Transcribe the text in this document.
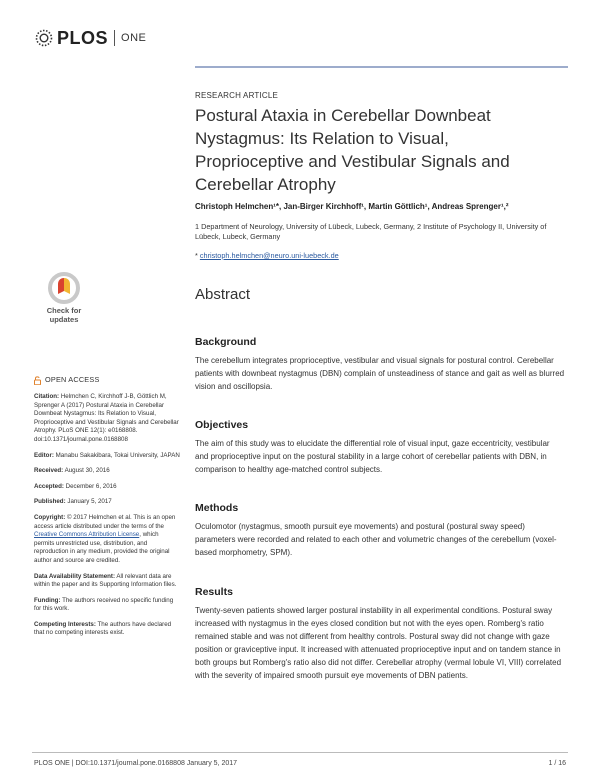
PLOS ONE
RESEARCH ARTICLE
Postural Ataxia in Cerebellar Downbeat Nystagmus: Its Relation to Visual, Proprioceptive and Vestibular Signals and Cerebellar Atrophy
Christoph Helmchen¹*, Jan-Birger Kirchhoff¹, Martin Göttlich¹, Andreas Sprenger¹,²
1 Department of Neurology, University of Lübeck, Lubeck, Germany, 2 Institute of Psychology II, University of Lübeck, Lubeck, Germany
* christoph.helmchen@neuro.uni-luebeck.de
Abstract
Check for
updates
OPEN ACCESS
Citation: Helmchen C, Kirchhoff J-B, Göttlich M, Sprenger A (2017) Postural Ataxia in Cerebellar Downbeat Nystagmus: Its Relation to Visual, Proprioceptive and Vestibular Signals and Cerebellar Atrophy. PLoS ONE 12(1): e0168808. doi:10.1371/journal.pone.0168808
Editor: Manabu Sakakibara, Tokai University, JAPAN
Received: August 30, 2016
Accepted: December 6, 2016
Published: January 5, 2017
Copyright: © 2017 Helmchen et al. This is an open access article distributed under the terms of the Creative Commons Attribution License, which permits unrestricted use, distribution, and reproduction in any medium, provided the original author and source are credited.
Data Availability Statement: All relevant data are within the paper and its Supporting Information files.
Funding: The authors received no specific funding for this work.
Competing Interests: The authors have declared that no competing interests exist.
Background

The cerebellum integrates proprioceptive, vestibular and visual signals for postural control. Cerebellar patients with downbeat nystagmus (DBN) complain of unsteadiness of stance and gait as well as blurred vision and oscillopsia.

Objectives

The aim of this study was to elucidate the differential role of visual input, gaze eccentricity, vestibular and proprioceptive input on the postural stability in a large cohort of cerebellar patients with DBN, in comparison to healthy age-matched control subjects.

Methods

Oculomotor (nystagmus, smooth pursuit eye movements) and postural (postural sway speed) parameters were recorded and related to each other and volumetric changes of the cerebellum (voxel-based morphometry, SPM).

Results

Twenty-seven patients showed larger postural instability in all experimental conditions. Postural sway increased with nystagmus in the eyes closed condition but not with the eyes open. Romberg's ratio remained stable and was not different from healthy controls. Postural sway did not change with gaze position or graviceptive input. It increased with attenuated proprioceptive input and on tandem stance in both groups but Romberg's ratio also did not differ. Cerebellar atrophy (vermal lobule VI, VIII) correlated with the severity of impaired smooth pursuit eye movements of DBN patients.

PLOS ONE | DOI:10.1371/journal.pone.0168808 January 5, 2017	1 / 16
